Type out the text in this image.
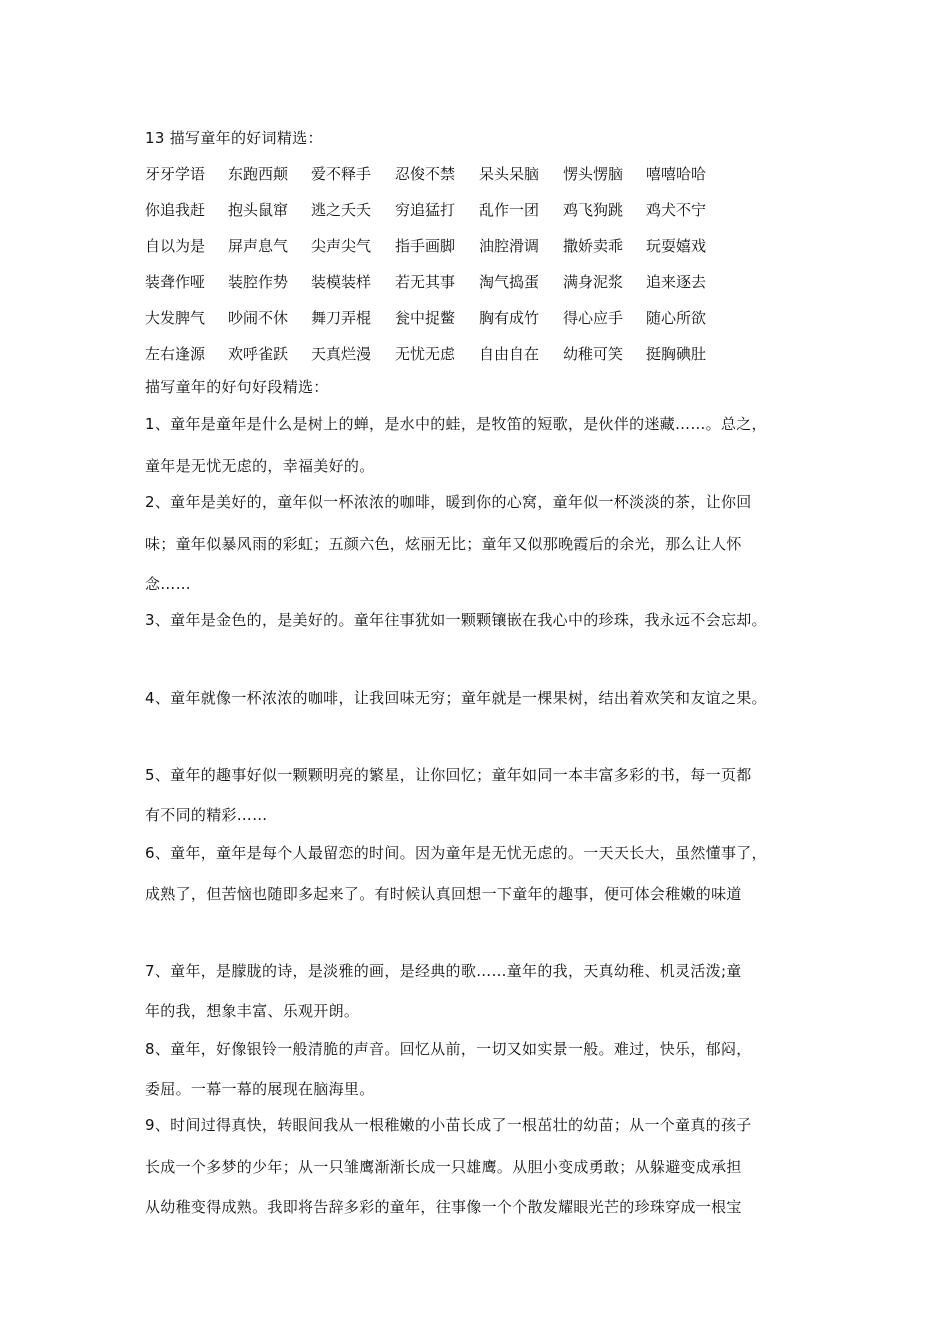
13 描写童年的好词精选：
牙牙学语 东跑西颠 爱不释手 忍俊不禁 呆头呆脑 愣头愣脑 嘻嘻哈哈
你追我赶 抱头鼠窜 逃之夭夭 穷追猛打 乱作一团 鸡飞狗跳 鸡犬不宁
自以为是 屏声息气 尖声尖气 指手画脚 油腔滑调 撒娇卖乖 玩耍嬉戏
装聋作哑 装腔作势 装模装样 若无其事 淘气捣蛋 满身泥浆 追来逐去
大发脾气 吵闹不休 舞刀弄棍 瓮中捉鳖 胸有成竹 得心应手 随心所欲
左右逢源 欢呼雀跃 天真烂漫 无忧无虑 自由自在 幼稚可笑 挺胸碘肚
描写童年的好句好段精选：
1、童年是童年是什么是树上的蝉，是水中的蛙，是牧笛的短歌，是伙伴的迷藏……。总之，
童年是无忧无虑的，幸福美好的。
2、童年是美好的，童年似一杯浓浓的咖啡，暖到你的心窝，童年似一杯淡淡的茶，让你回
味；童年似暴风雨的彩虹；五颜六色，炫丽无比；童年又似那晚霞后的余光，那么让人怀
念……
3、童年是金色的，是美好的。童年往事犹如一颗颗镶嵌在我心中的珍珠，我永远不会忘却。
4、童年就像一杯浓浓的咖啡，让我回味无穷；童年就是一棵果树，结出着欢笑和友谊之果。
5、童年的趣事好似一颗颗明亮的繁星，让你回忆；童年如同一本丰富多彩的书，每一页都
有不同的精彩……
6、童年，童年是每个人最留恋的时间。因为童年是无忧无虑的。一天天长大，虽然懂事了，
成熟了，但苦恼也随即多起来了。有时候认真回想一下童年的趣事，便可体会稚嫩的味道
7、童年，是朦胧的诗，是淡雅的画，是经典的歌……童年的我，天真幼稚、机灵活泼;童
年的我，想象丰富、乐观开朗。
8、童年，好像银铃一般清脆的声音。回忆从前，一切又如实景一般。难过，快乐，郁闷，
委屈。一幕一幕的展现在脑海里。
9、时间过得真快，转眼间我从一根稚嫩的小苗长成了一根茁壮的幼苗；从一个童真的孩子
长成一个多梦的少年；从一只雏鹰渐渐长成一只雄鹰。从胆小变成勇敢；从躲避变成承担
从幼稚变得成熟。我即将告辞多彩的童年，往事像一个个散发耀眼光芒的珍珠穿成一根宝
